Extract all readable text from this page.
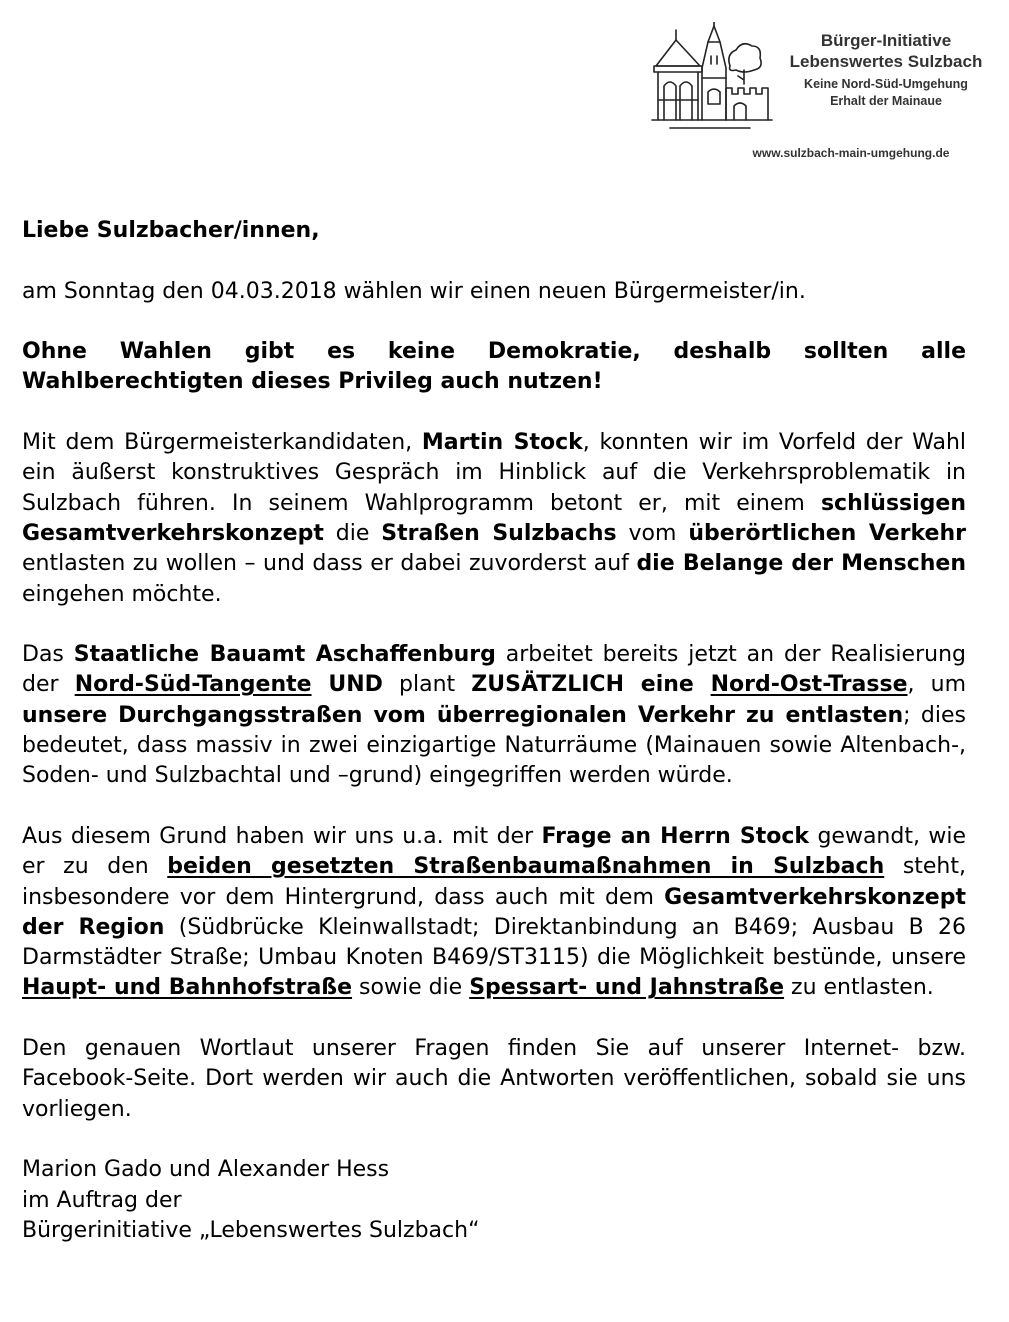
Bürger-Initiative
Lebenswertes Sulzbach
Keine Nord-Süd-Umgehung
Erhalt der Mainaue
www.sulzbach-main-umgehung.de

Liebe Sulzbacher/innen,

am Sonntag den 04.03.2018 wählen wir einen neuen Bürgermeister/in.

Ohne Wahlen gibt es keine Demokratie, deshalb sollten alle Wahlberechtigten dieses Privileg auch nutzen!

Mit dem Bürgermeisterkandidaten, Martin Stock, konnten wir im Vorfeld der Wahl ein äußerst konstruktives Gespräch im Hinblick auf die Verkehrsproblematik in Sulzbach führen. In seinem Wahlprogramm betont er, mit einem schlüssigen Gesamtverkehrskonzept die Straßen Sulzbachs vom überörtlichen Verkehr entlasten zu wollen – und dass er dabei zuvorderst auf die Belange der Menschen eingehen möchte.

Das Staatliche Bauamt Aschaffenburg arbeitet bereits jetzt an der Realisierung der Nord-Süd-Tangente UND plant ZUSÄTZLICH eine Nord-Ost-Trasse, um unsere Durchgangsstraßen vom überregionalen Verkehr zu entlasten; dies bedeutet, dass massiv in zwei einzigartige Naturräume (Mainauen sowie Altenbach-, Soden- und Sulzbachtal und –grund) eingegriffen werden würde.

Aus diesem Grund haben wir uns u.a. mit der Frage an Herrn Stock gewandt, wie er zu den beiden gesetzten Straßenbaumaßnahmen in Sulzbach steht, insbesondere vor dem Hintergrund, dass auch mit dem Gesamtverkehrskonzept der Region (Südbrücke Kleinwallstadt; Direktanbindung an B469; Ausbau B 26 Darmstädter Straße; Umbau Knoten B469/ST3115) die Möglichkeit bestünde, unsere Haupt- und Bahnhofstraße sowie die Spessart- und Jahnstraße zu entlasten.

Den genauen Wortlaut unserer Fragen finden Sie auf unserer Internet- bzw. Facebook-Seite. Dort werden wir auch die Antworten veröffentlichen, sobald sie uns vorliegen.

Marion Gado und Alexander Hess
im Auftrag der
Bürgerinitiative „Lebenswertes Sulzbach“
